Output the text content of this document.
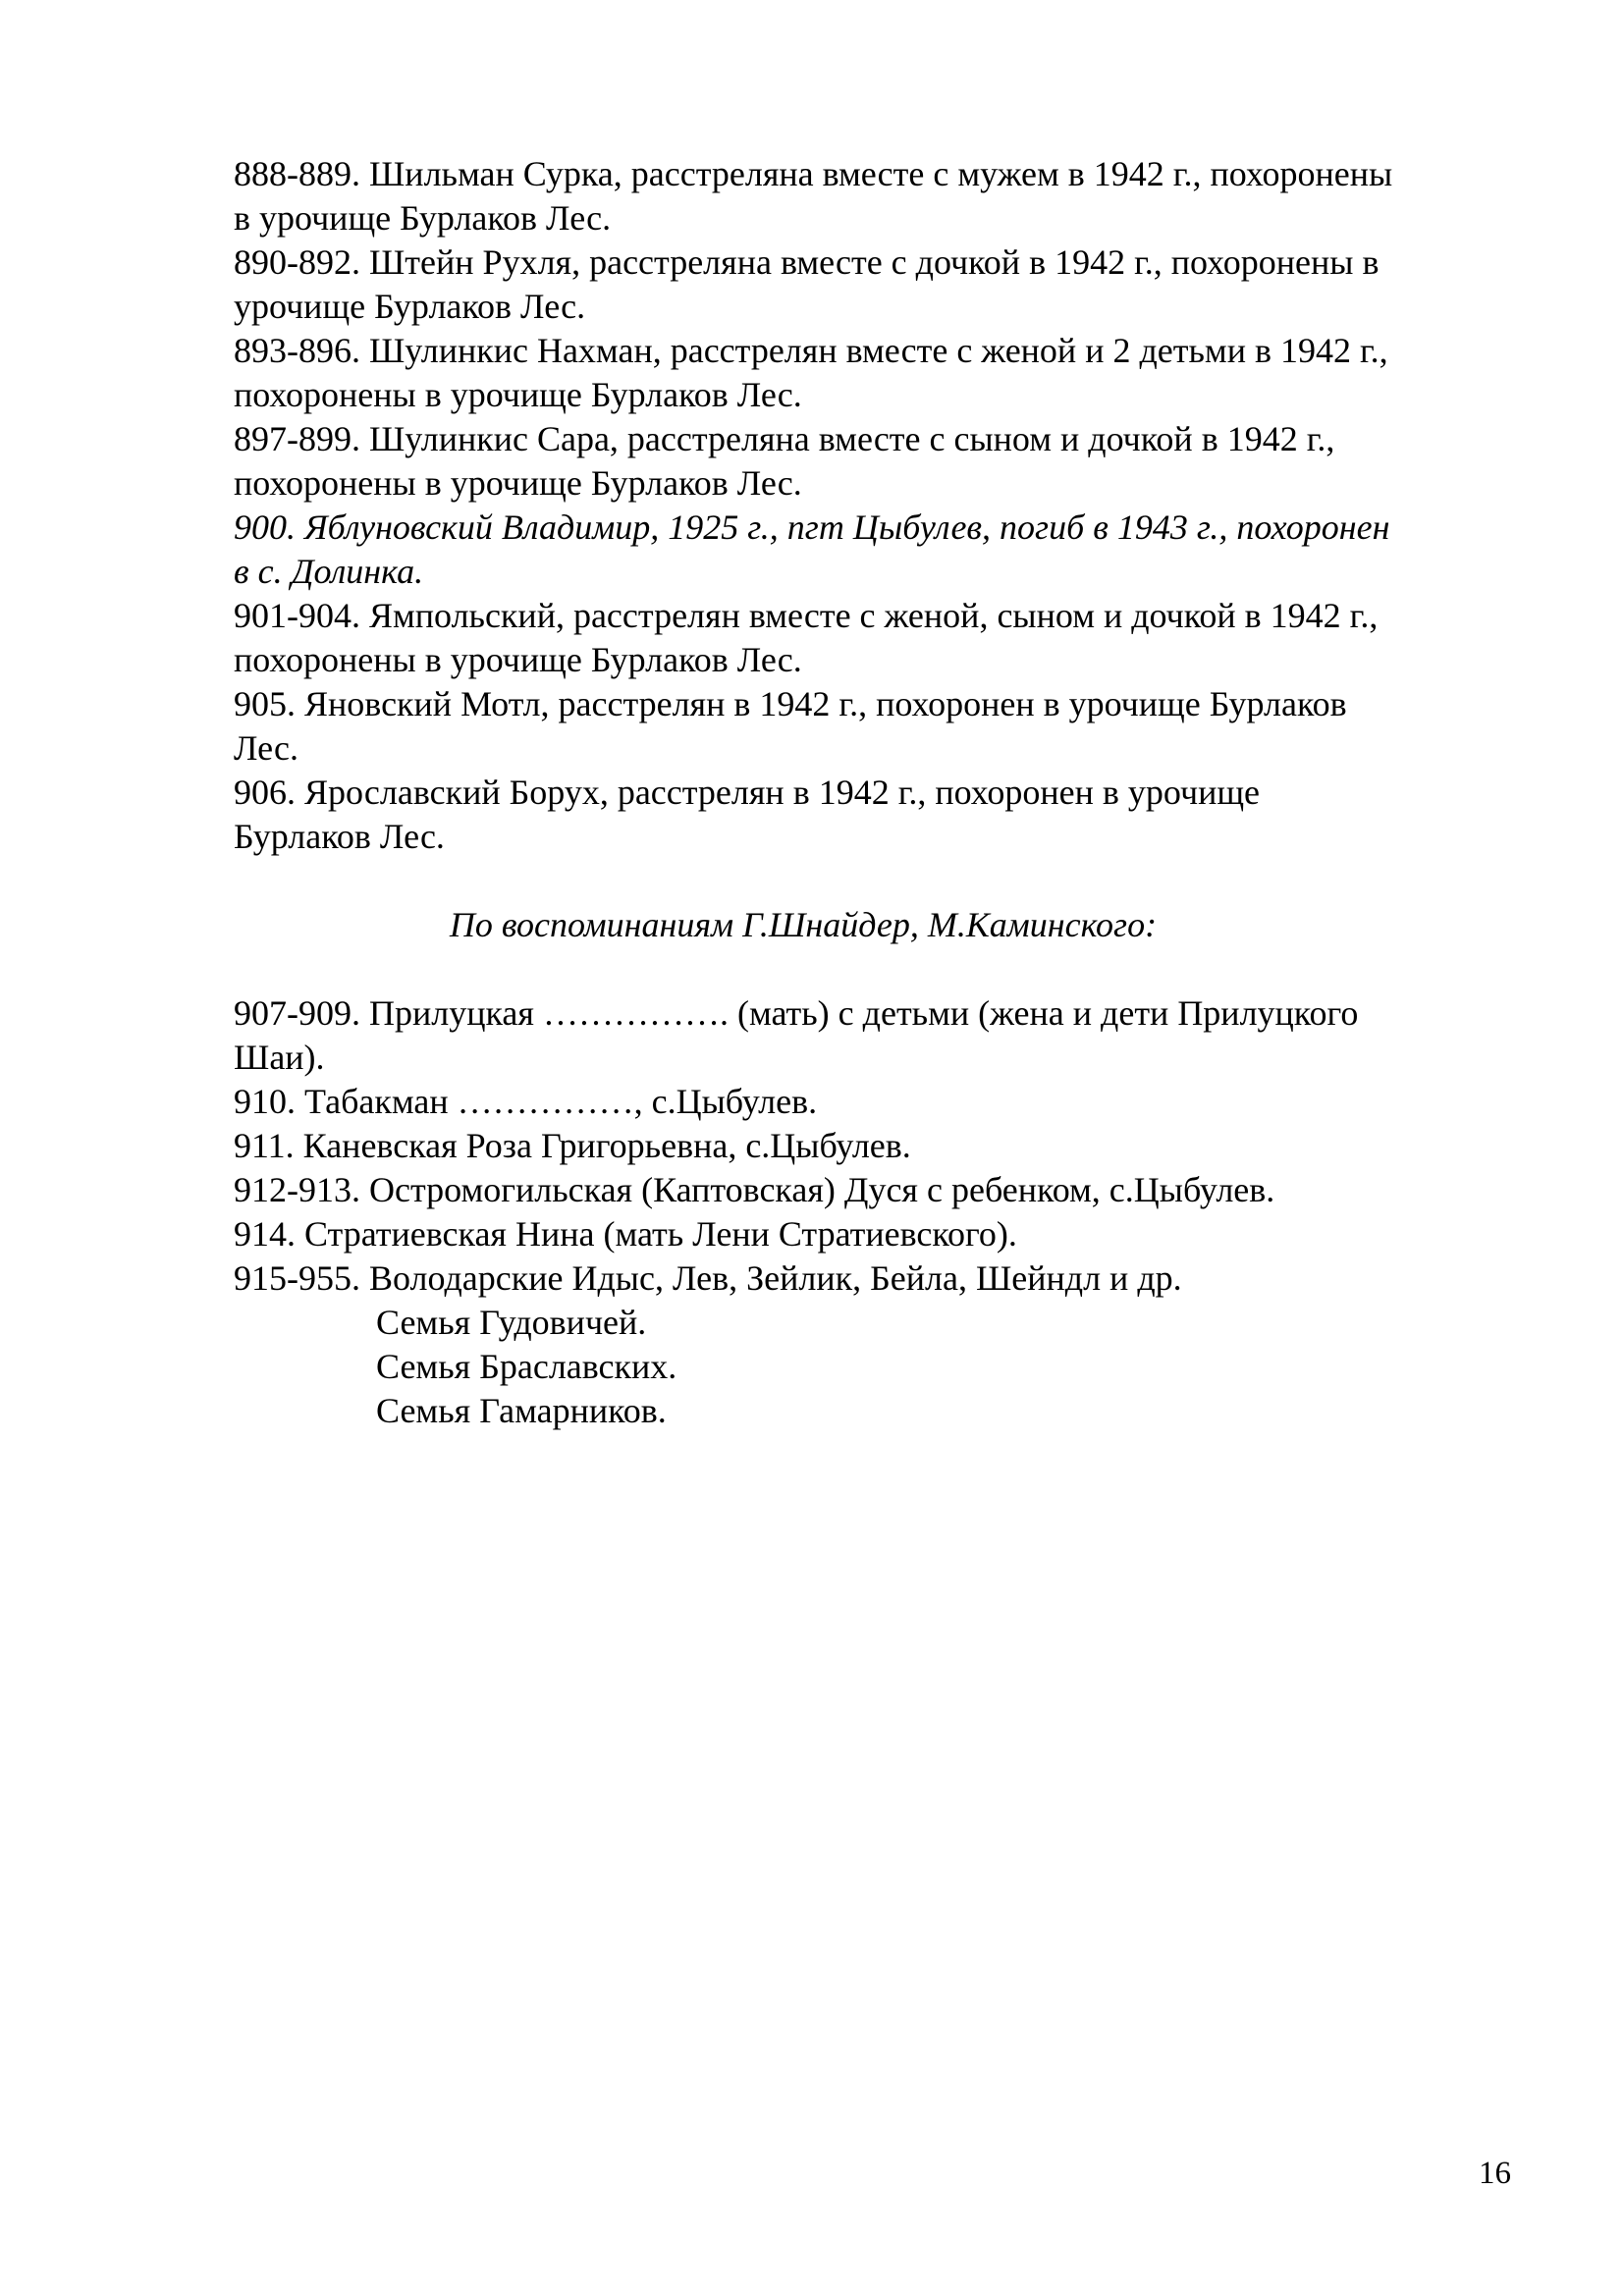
888-889. Шильман Сурка, расстреляна вместе с мужем в 1942 г., похоронены

в урочище Бурлаков Лес.

890-892. Штейн Рухля, расстреляна вместе с дочкой в 1942 г., похоронены в

урочище Бурлаков Лес.

893-896. Шулинкис Нахман, расстрелян вместе с женой и 2 детьми в 1942 г.,

похоронены в урочище Бурлаков Лес.

897-899. Шулинкис Сара, расстреляна вместе с сыном и дочкой в 1942 г.,

похоронены в урочище Бурлаков Лес.

900. Яблуновский Владимир, 1925 г., пгт Цыбулев, погиб в 1943 г., похоронен

в с. Долинка.

901-904. Ямпольский, расстрелян вместе с женой, сыном и дочкой в 1942 г.,

похоронены в урочище Бурлаков Лес.

905. Яновский Мотл, расстрелян в 1942 г., похоронен в урочище Бурлаков

Лес.

906. Ярославский Борух, расстрелян в 1942 г., похоронен в урочище

Бурлаков Лес.

По воспоминаниям Г.Шнайдер, М.Каминского:

907-909. Прилуцкая ……………. (мать) с детьми (жена и дети Прилуцкого

Шаи).

910. Табакман ……………, с.Цыбулев.

911. Каневская Роза Григорьевна, с.Цыбулев.

912-913. Остромогильская (Каптовская) Дуся с ребенком, с.Цыбулев.

914. Стратиевская Нина (мать Лени Стратиевского).

915-955. Володарские Идыс, Лев, Зейлик, Бейла, Шейндл и др.

Семья Гудовичей.

Семья Браславских.

Семья Гамарников.

16
